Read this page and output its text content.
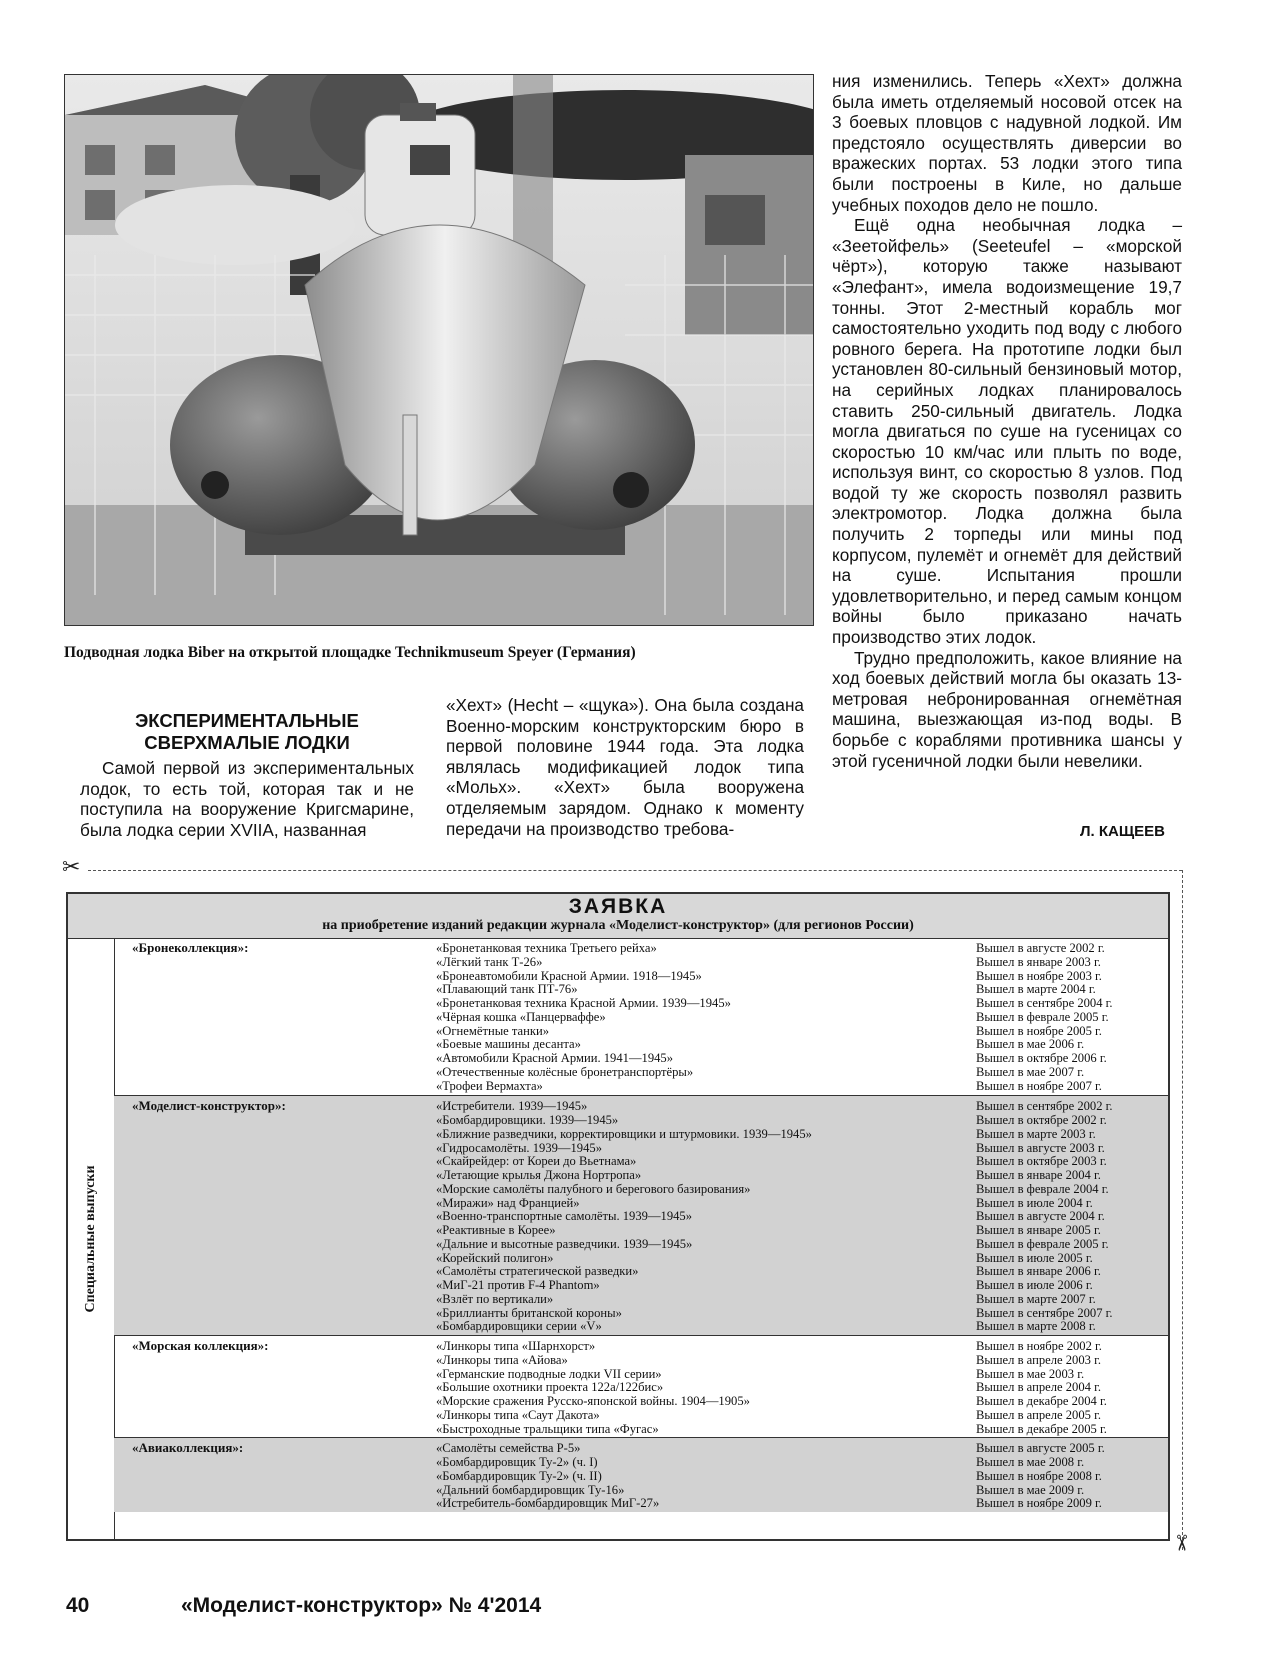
Подводная лодка Biber на открытой площадке Technikmuseum Speyer (Германия)

ЭКСПЕРИМЕНТАЛЬНЫЕ

СВЕРХМАЛЫЕ ЛОДКИ

Самой первой из экспериментальных лодок, то есть той, которая так и не поступила на вооружение Кригсмарине, была лодка серии XVIIA, названная

«Хехт» (Hecht – «щука»). Она была создана Военно-морским конструкторским бюро в первой половине 1944 года. Эта лодка являлась модификацией лодок типа «Мольх». «Хехт» была вооружена отделяемым зарядом. Однако к моменту передачи на производство требова-

ния изменились. Теперь «Хехт» должна была иметь отделяемый носовой отсек на 3 боевых пловцов с надувной лодкой. Им предстояло осуществлять диверсии во вражеских портах. 53 лодки этого типа были построены в Киле, но дальше учебных походов дело не пошло.

Ещё одна необычная лодка – «Зеетойфель» (Seeteufel – «морской чёрт»), которую также называют «Элефант», имела водоизмещение 19,7 тонны. Этот 2-местный корабль мог самостоятельно уходить под воду с любого ровного берега. На прототипе лодки был установлен 80-сильный бензиновый мотор, на серийных лодках планировалось ставить 250-сильный двигатель. Лодка могла двигаться по суше на гусеницах со скоростью 10 км/час или плыть по воде, используя винт, со скоростью 8 узлов. Под водой ту же скорость позволял развить электромотор. Лодка должна была получить 2 торпеды или мины под корпусом, пулемёт и огнемёт для действий на суше. Испытания прошли удовлетворительно, и перед самым концом войны было приказано начать производство этих лодок.

Трудно предположить, какое влияние на ход боевых действий могла бы оказать 13-метровая небронированная огнемётная машина, выезжающая из-под воды. В борьбе с кораблями противника шансы у этой гусеничной лодки были невелики.

Л. КАЩЕЕВ
✂
✂
ЗАЯВКА
на приобретение изданий редакции журнала «Моделист-конструктор» (для регионов России)
Специальные выпуски
«Бронеколлекция»:	«Бронетанковая техника Третьего рейха»	Вышел в августе 2002 г.
«Лёгкий танк Т-26»	Вышел в январе 2003 г.
«Бронеавтомобили Красной Армии. 1918—1945»	Вышел в ноябре 2003 г.
«Плавающий танк ПТ-76»	Вышел в марте 2004 г.
«Бронетанковая техника Красной Армии. 1939—1945»	Вышел в сентябре 2004 г.
«Чёрная кошка «Панцерваффе»	Вышел в феврале 2005 г.
«Огнемётные танки»	Вышел в ноябре 2005 г.
«Боевые машины десанта»	Вышел в мае 2006 г.
«Автомобили Красной Армии. 1941—1945»	Вышел в октябре 2006 г.
«Отечественные колёсные бронетранспортёры»	Вышел в мае 2007 г.
«Трофеи Вермахта»	Вышел в ноябре 2007 г.
«Моделист-конструктор»:	«Истребители. 1939—1945»	Вышел в сентябре 2002 г.
«Бомбардировщики. 1939—1945»	Вышел в октябре 2002 г.
«Ближние разведчики, корректировщики и штурмовики. 1939—1945»	Вышел в марте 2003 г.
«Гидросамолёты. 1939—1945»	Вышел в августе 2003 г.
«Скайрейдер: от Кореи до Вьетнама»	Вышел в октябре 2003 г.
«Летающие крылья Джона Нортропа»	Вышел в январе 2004 г.
«Морские самолёты палубного и берегового базирования»	Вышел в феврале 2004 г.
«Миражи» над Францией»	Вышел в июле 2004 г.
«Военно-транспортные самолёты. 1939—1945»	Вышел в августе 2004 г.
«Реактивные в Корее»	Вышел в январе 2005 г.
«Дальние и высотные разведчики. 1939—1945»	Вышел в феврале 2005 г.
«Корейский полигон»	Вышел в июле 2005 г.
«Самолёты стратегической разведки»	Вышел в январе 2006 г.
«МиГ-21 против F-4 Phantom»	Вышел в июле 2006 г.
«Взлёт по вертикали»	Вышел в марте 2007 г.
«Бриллианты британской короны»	Вышел в сентябре 2007 г.
«Бомбардировщики серии «V»	Вышел в марте 2008 г.
«Морская коллекция»:	«Линкоры типа «Шарнхорст»	Вышел в ноябре 2002 г.
«Линкоры типа «Айова»	Вышел в апреле 2003 г.
«Германские подводные лодки VII серии»	Вышел в мае 2003 г.
«Большие охотники проекта 122а/122бис»	Вышел в апреле 2004 г.
«Морские сражения Русско-японской войны. 1904—1905»	Вышел в декабре 2004 г.
«Линкоры типа «Саут Дакота»	Вышел в апреле 2005 г.
«Быстроходные тральщики типа «Фугас»	Вышел в декабре 2005 г.
«Авиаколлекция»:	«Самолёты семейства Р-5»	Вышел в августе 2005 г.
«Бомбардировщик Ту-2» (ч. I)	Вышел в мае 2008 г.
«Бомбардировщик Ту-2» (ч. II)	Вышел в ноябре 2008 г.
«Дальний бомбардировщик Ту-16»	Вышел в мае 2009 г.
«Истребитель-бомбардировщик МиГ-27»	Вышел в ноябре 2009 г.
40	«Моделист-конструктор» № 4'2014
